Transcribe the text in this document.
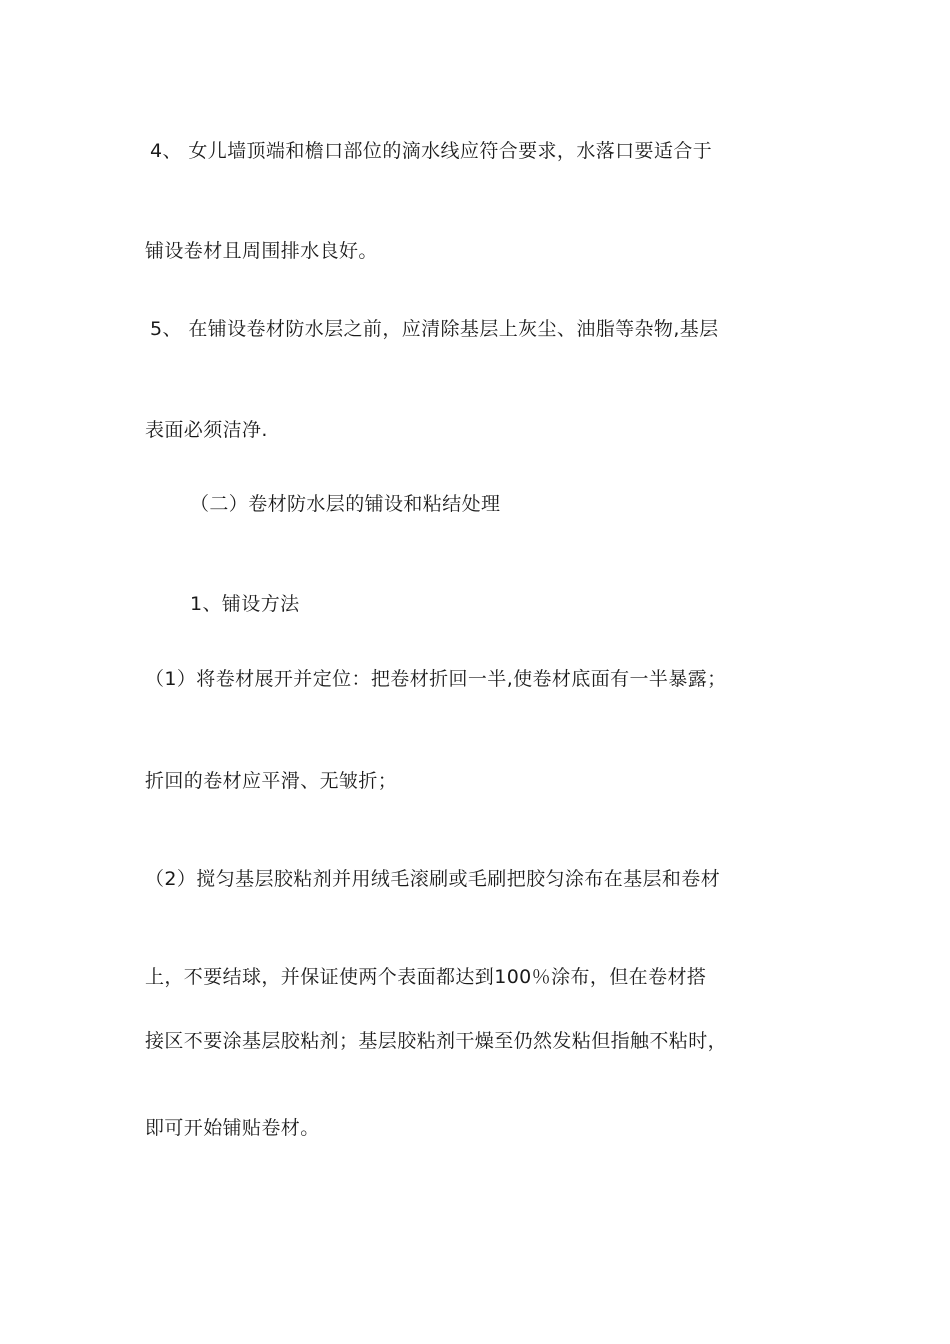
4、 女儿墙顶端和檐口部位的滴水线应符合要求，水落口要适合于
铺设卷材且周围排水良好。
5、 在铺设卷材防水层之前，应清除基层上灰尘、油脂等杂物,基层
表面必须洁净.
（二）卷材防水层的铺设和粘结处理
1、铺设方法
（1）将卷材展开并定位：把卷材折回一半,使卷材底面有一半暴露；
折回的卷材应平滑、无皱折；
（2）搅匀基层胶粘剂并用绒毛滚刷或毛刷把胶匀涂布在基层和卷材
上，不要结球，并保证使两个表面都达到100％涂布，但在卷材搭
接区不要涂基层胶粘剂；基层胶粘剂干燥至仍然发粘但指触不粘时，
即可开始铺贴卷材。
